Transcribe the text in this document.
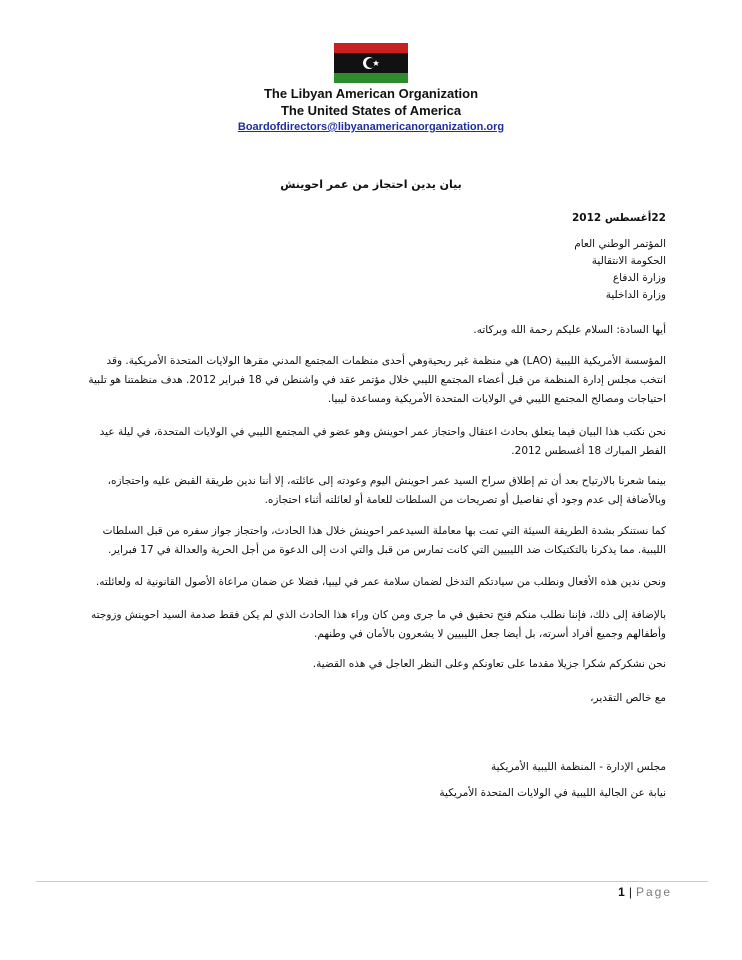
The Libyan American Organization
The United States of America
Boardofdirectors@libyanamericanorganization.org

بيان يدين احتجاز من عمر احوينش

22أغسطس 2012

المؤتمر الوطني العام
الحكومة الانتقالية
وزارة الدفاع
وزارة الداخلية

أيها السادة: السلام عليكم رحمة الله وبركاته.

المؤسسة الأمريكية الليبية (LAO) هي منظمة غير ربحيةوهي أحدى منظمات المجتمع المدني مقرها الولايات المتحدة الأمريكية. وقد انتخب مجلس إدارة المنظمة من قبل أعضاء المجتمع الليبي خلال مؤتمر عقد في واشنطن في 18 فبراير 2012. هدف منظمتنا هو تلبية احتياجات ومصالح المجتمع الليبي في الولايات المتحدة الأمريكية ومساعدة ليبيا.

نحن نكتب هذا البيان فيما يتعلق بحادث اعتقال واحتجاز عمر احوينش وهو عضو في المجتمع الليبي في الولايات المتحدة، في ليلة عيد الفطر المبارك 18 أغسطس 2012.

بينما شعرنا بالارتياح بعد أن تم إطلاق سراح السيد عمر احوينش اليوم وعودته إلى عائلته، إلا أننا ندين طريقة القبض عليه واحتجازه، وبالأضافة إلى عدم وجود أي تفاصيل أو تصريحات من السلطات للعامة أو لعائلته أثناء احتجازه.

كما نستنكر بشدة الطريقة السيئة التي تمت بها معاملة السيدعمر احوينش خلال هذا الحادث، واحتجاز جواز سفره من قبل السلطات الليبية. مما يذكرنا بالتكتيكات ضد الليبيين التي كانت تمارس من قبل والتي ادت إلى الدعوة من أجل الحرية والعدالة في 17 فبراير.

ونحن ندين هذه الأفعال ونطلب من سيادتكم التدخل لضمان سلامة عمر في ليبيا، فضلا عن ضمان مراعاة الأصول القانونية له ولعائلته.

بالإضافة إلى ذلك، فإننا نطلب منكم فتح تحقيق في ما جرى ومن كان وراء هذا الحادث الذي لم يكن فقط صدمة السيد احوينش وزوجته وأطفالهم وجميع أفراد أسرته، بل أيضا جعل الليبيين لا يشعرون بالأمان في وطنهم.

نحن نشكركم شكرا جزيلا مقدما على تعاونكم وعلى النظر العاجل في هذه القضية.

مع خالص التقدير،

مجلس الإدارة - المنظمة الليبية الأمريكية

نيابة عن الجالية الليبية في الولايات المتحدة الأمريكية

1 | Page
